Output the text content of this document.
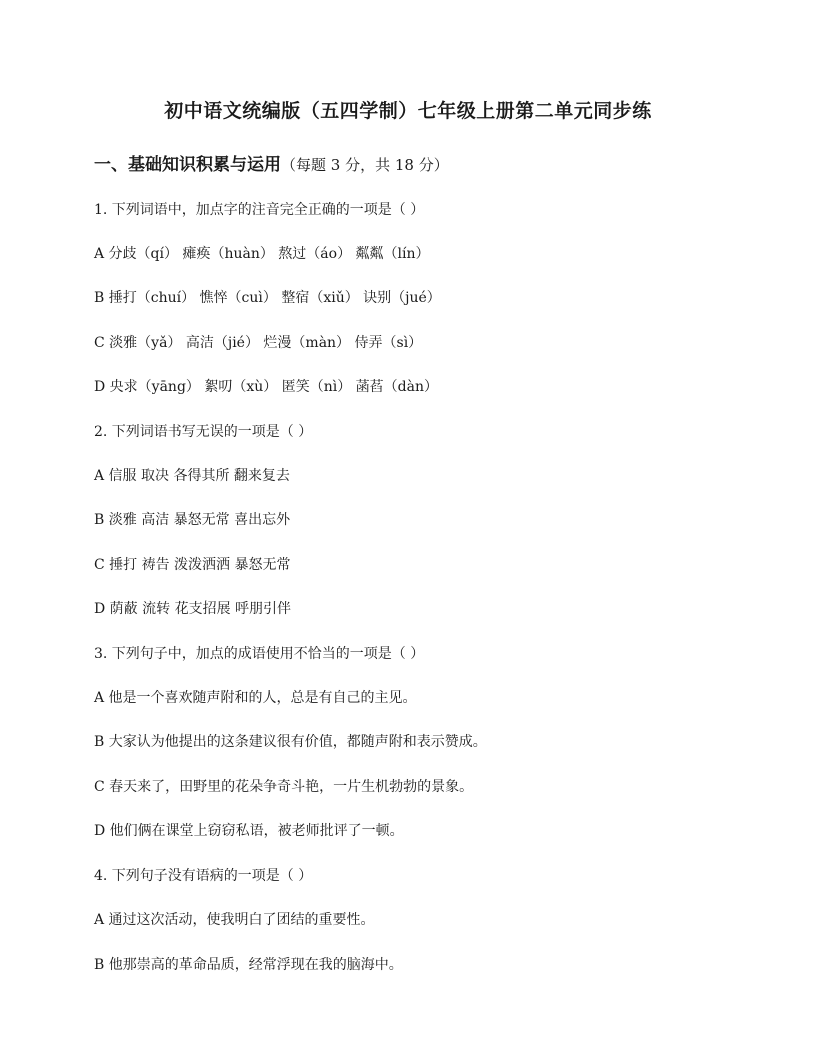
初中语文统编版（五四学制）七年级上册第二单元同步练
一、基础知识积累与运用（每题 3 分，共 18 分）
1. 下列词语中，加点字的注音完全正确的一项是（ ）
A 分歧（qí） 瘫痪（huàn） 熬过（áo） 粼粼（lín）
B 捶打（chuí） 憔悴（cuì） 整宿（xiǔ） 诀别（jué）
C 淡雅（yǎ） 高洁（jié） 烂漫（màn） 侍弄（sì）
D 央求（yāng） 絮叨（xù） 匿笑（nì） 菡萏（dàn）
2. 下列词语书写无误的一项是（ ）
A 信服 取决 各得其所 翻来复去
B 淡雅 高洁 暴怒无常 喜出忘外
C 捶打 祷告 泼泼洒洒 暴怒无常
D 荫蔽 流转 花支招展 呼朋引伴
3. 下列句子中，加点的成语使用不恰当的一项是（ ）
A 他是一个喜欢随声附和的人，总是有自己的主见。
B 大家认为他提出的这条建议很有价值，都随声附和表示赞成。
C 春天来了，田野里的花朵争奇斗艳，一片生机勃勃的景象。
D 他们俩在课堂上窃窃私语，被老师批评了一顿。
4. 下列句子没有语病的一项是（ ）
A 通过这次活动，使我明白了团结的重要性。
B 他那崇高的革命品质，经常浮现在我的脑海中。
